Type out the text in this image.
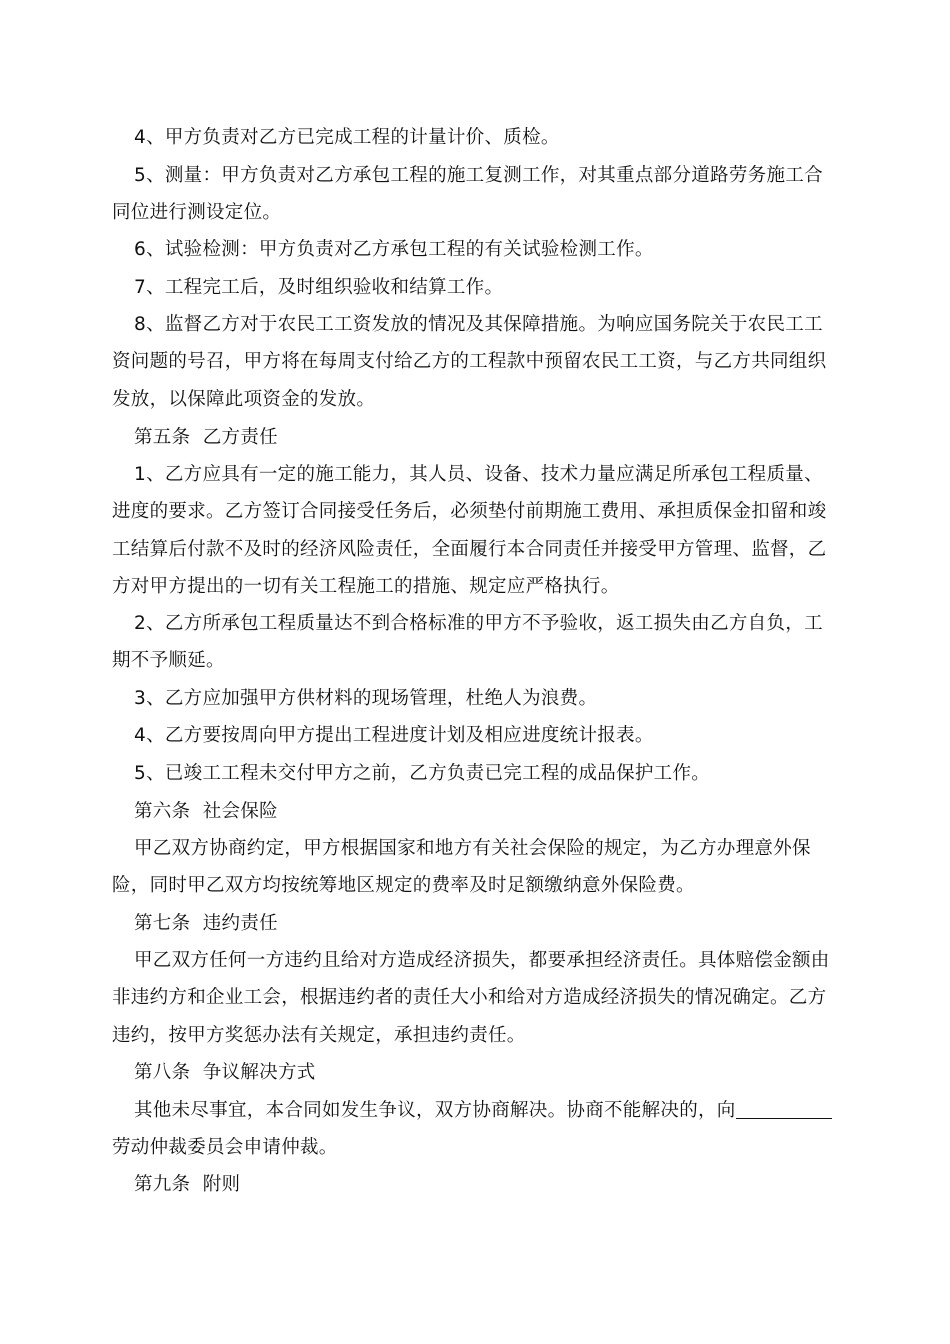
4、甲方负责对乙方已完成工程的计量计价、质检。

5、测量：甲方负责对乙方承包工程的施工复测工作，对其重点部分道路劳务施工合同位进行测设定位。

6、试验检测：甲方负责对乙方承包工程的有关试验检测工作。

7、工程完工后，及时组织验收和结算工作。

8、监督乙方对于农民工工资发放的情况及其保障措施。为响应国务院关于农民工工资问题的号召，甲方将在每周支付给乙方的工程款中预留农民工工资，与乙方共同组织发放，以保障此项资金的发放。

第五条  乙方责任

1、乙方应具有一定的施工能力，其人员、设备、技术力量应满足所承包工程质量、进度的要求。乙方签订合同接受任务后，必须垫付前期施工费用、承担质保金扣留和竣工结算后付款不及时的经济风险责任，全面履行本合同责任并接受甲方管理、监督，乙方对甲方提出的一切有关工程施工的措施、规定应严格执行。

2、乙方所承包工程质量达不到合格标准的甲方不予验收，返工损失由乙方自负，工期不予顺延。

3、乙方应加强甲方供材料的现场管理，杜绝人为浪费。

4、乙方要按周向甲方提出工程进度计划及相应进度统计报表。

5、已竣工工程未交付甲方之前，乙方负责已完工程的成品保护工作。

第六条  社会保险

甲乙双方协商约定，甲方根据国家和地方有关社会保险的规定，为乙方办理意外保险，同时甲乙双方均按统筹地区规定的费率及时足额缴纳意外保险费。

第七条  违约责任

甲乙双方任何一方违约且给对方造成经济损失，都要承担经济责任。具体赔偿金额由非违约方和企业工会，根据违约者的责任大小和给对方造成经济损失的情况确定。乙方违约，按甲方奖惩办法有关规定，承担违约责任。

第八条  争议解决方式

其他未尽事宜，本合同如发生争议，双方协商解决。协商不能解决的，向劳动仲裁委员会申请仲裁。

第九条  附则
